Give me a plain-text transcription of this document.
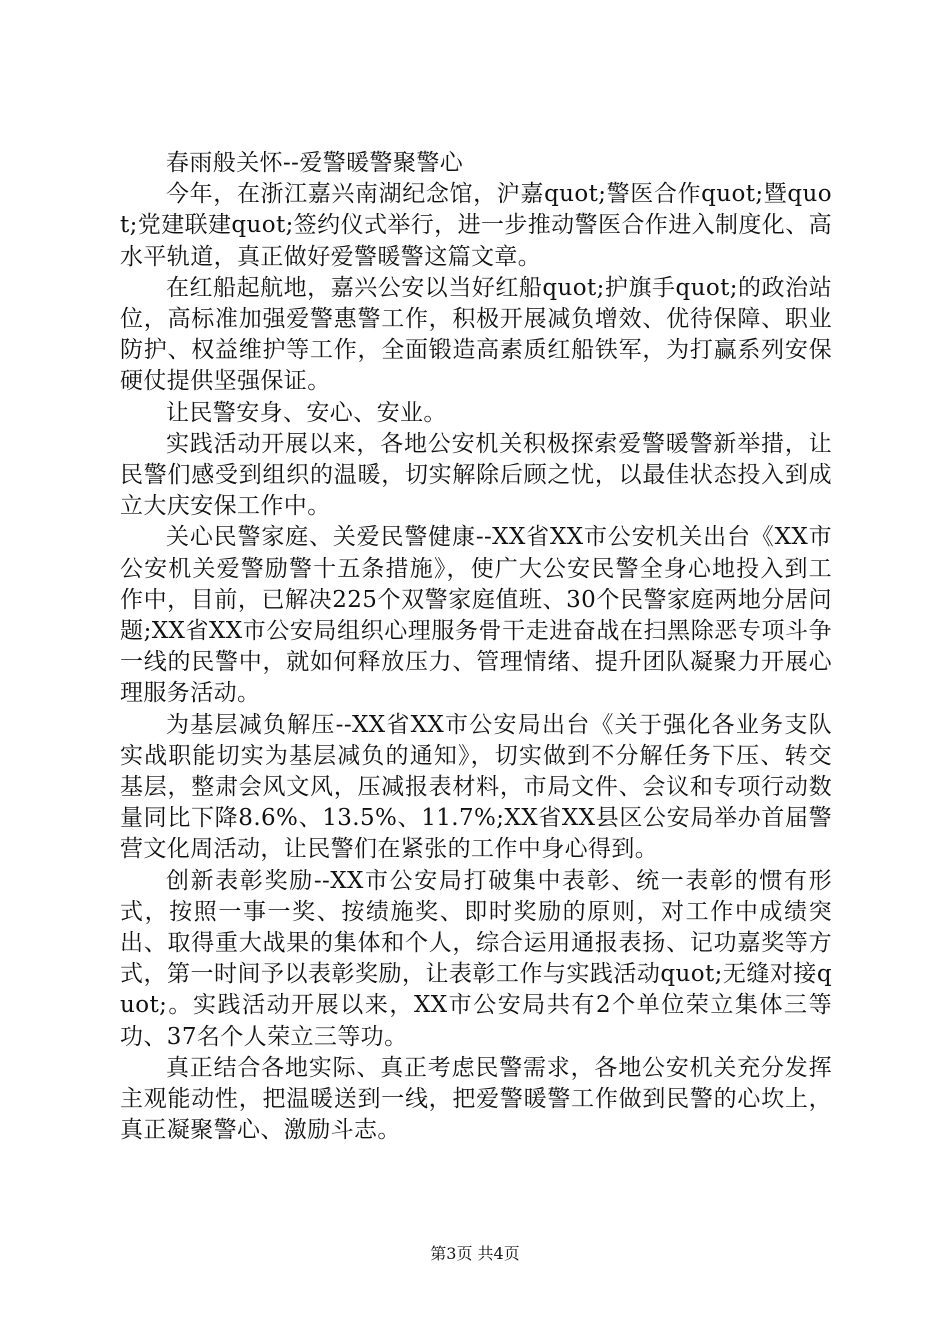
春雨般关怀--爱警暖警聚警心

今年，在浙江嘉兴南湖纪念馆，沪嘉quot;警医合作quot;暨quot;党建联建quot;签约仪式举行，进一步推动警医合作进入制度化、高水平轨道，真正做好爱警暖警这篇文章。

在红船起航地，嘉兴公安以当好红船quot;护旗手quot;的政治站位，高标准加强爱警惠警工作，积极开展减负增效、优待保障、职业防护、权益维护等工作，全面锻造高素质红船铁军，为打赢系列安保硬仗提供坚强保证。

让民警安身、安心、安业。

实践活动开展以来，各地公安机关积极探索爱警暖警新举措，让民警们感受到组织的温暖，切实解除后顾之忧，以最佳状态投入到成立大庆安保工作中。

关心民警家庭、关爱民警健康--XX省XX市公安机关出台《XX市公安机关爱警励警十五条措施》，使广大公安民警全身心地投入到工作中，目前，已解决225个双警家庭值班、30个民警家庭两地分居问题;XX省XX市公安局组织心理服务骨干走进奋战在扫黑除恶专项斗争一线的民警中，就如何释放压力、管理情绪、提升团队凝聚力开展心理服务活动。

为基层减负解压--XX省XX市公安局出台《关于强化各业务支队实战职能切实为基层减负的通知》，切实做到不分解任务下压、转交基层，整肃会风文风，压减报表材料，市局文件、会议和专项行动数量同比下降8.6%、13.5%、11.7%;XX省XX县区公安局举办首届警营文化周活动，让民警们在紧张的工作中身心得到。

创新表彰奖励--XX市公安局打破集中表彰、统一表彰的惯有形式，按照一事一奖、按绩施奖、即时奖励的原则，对工作中成绩突出、取得重大战果的集体和个人，综合运用通报表扬、记功嘉奖等方式，第一时间予以表彰奖励，让表彰工作与实践活动quot;无缝对接quot;。实践活动开展以来，XX市公安局共有2个单位荣立集体三等功、37名个人荣立三等功。

真正结合各地实际、真正考虑民警需求，各地公安机关充分发挥主观能动性，把温暖送到一线，把爱警暖警工作做到民警的心坎上，真正凝聚警心、激励斗志。

第3页 共4页
